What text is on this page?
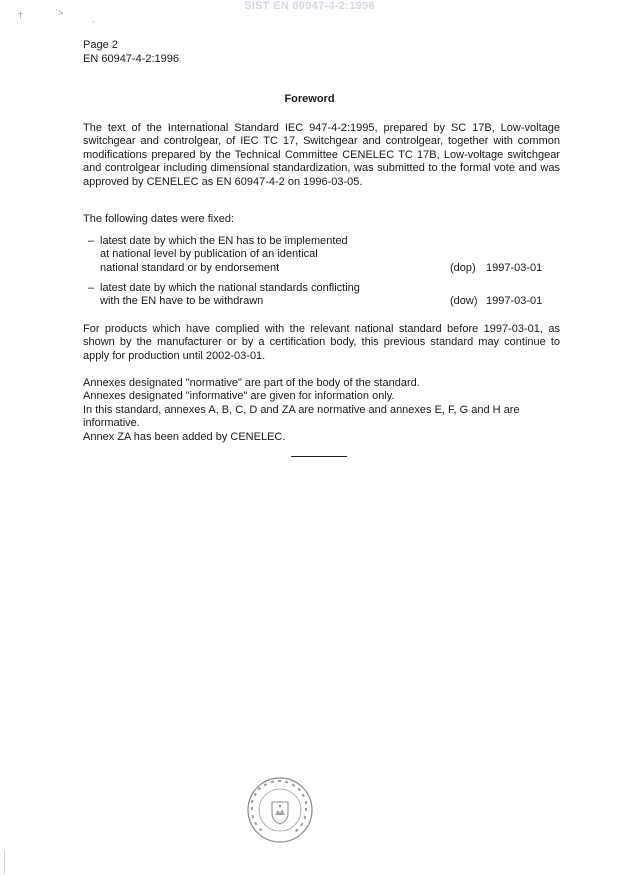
SIST EN 60947-4-2:1998
†	`>
·
Page 2
EN 60947-4-2:1996
Foreword
The text of the International Standard IEC 947-4-2:1995, prepared by SC 17B, Low-voltage switchgear and controlgear, of IEC TC 17, Switchgear and controlgear, together with common modifications prepared by the Technical Committee CENELEC TC 17B, Low-voltage switchgear and controlgear including dimensional standardization, was submitted to the formal vote and was approved by CENELEC as EN 60947-4-2 on 1996-03-05.
The following dates were fixed:
– latest date by which the EN has to be implemented
at national level by publication of an identical
national standard or by endorsement	(dop) 1997-03-01
– latest date by which the national standards conflicting
with the EN have to be withdrawn	(dow) 1997-03-01
For products which have complied with the relevant national standard before 1997-03-01, as shown by the manufacturer or by a certification body, this previous standard may continue to apply for production until 2002-03-01.
Annexes designated "normative" are part of the body of the standard.
Annexes designated "informative" are given for information only.
In this standard, annexes A, B, C, D and ZA are normative and annexes E, F, G and H are informative.
Annex ZA has been added by CENELEC.
